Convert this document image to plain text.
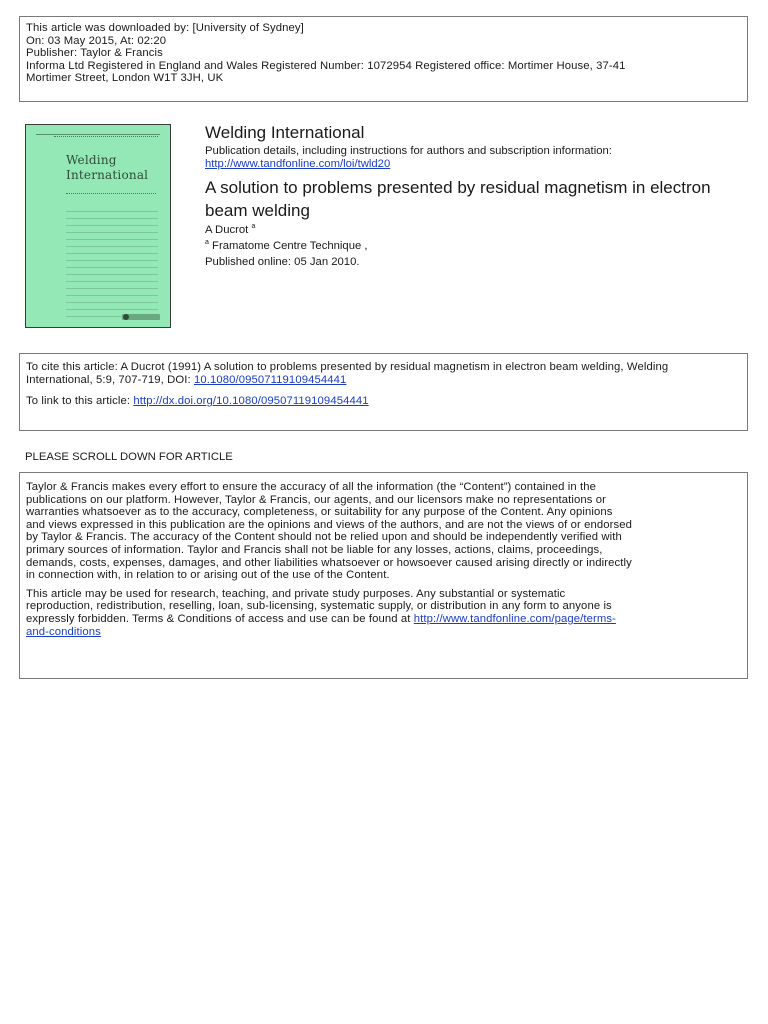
This article was downloaded by: [University of Sydney]
On: 03 May 2015, At: 02:20
Publisher: Taylor & Francis
Informa Ltd Registered in England and Wales Registered Number: 1072954 Registered office: Mortimer House, 37-41
Mortimer Street, London W1T 3JH, UK
Welding
International
Welding International
Publication details, including instructions for authors and subscription information:
http://www.tandfonline.com/loi/twld20
A solution to problems presented by residual magnetism in electron beam welding
A Ducrot $^a$
$^a$ Framatome Centre Technique ,
Published online: 05 Jan 2010.
To cite this article: A Ducrot (1991) A solution to problems presented by residual magnetism in electron beam welding, Welding
International, 5:9, 707-719, DOI: 10.1080/09507119109454441
To link to this article: http://dx.doi.org/10.1080/09507119109454441
PLEASE SCROLL DOWN FOR ARTICLE
Taylor & Francis makes every effort to ensure the accuracy of all the information (the “Content”) contained in the
publications on our platform. However, Taylor & Francis, our agents, and our licensors make no representations or
warranties whatsoever as to the accuracy, completeness, or suitability for any purpose of the Content. Any opinions
and views expressed in this publication are the opinions and views of the authors, and are not the views of or endorsed
by Taylor & Francis. The accuracy of the Content should not be relied upon and should be independently verified with
primary sources of information. Taylor and Francis shall not be liable for any losses, actions, claims, proceedings,
demands, costs, expenses, damages, and other liabilities whatsoever or howsoever caused arising directly or indirectly
in connection with, in relation to or arising out of the use of the Content.
This article may be used for research, teaching, and private study purposes. Any substantial or systematic
reproduction, redistribution, reselling, loan, sub-licensing, systematic supply, or distribution in any form to anyone is
expressly forbidden. Terms & Conditions of access and use can be found at http://www.tandfonline.com/page/terms-
and-conditions
